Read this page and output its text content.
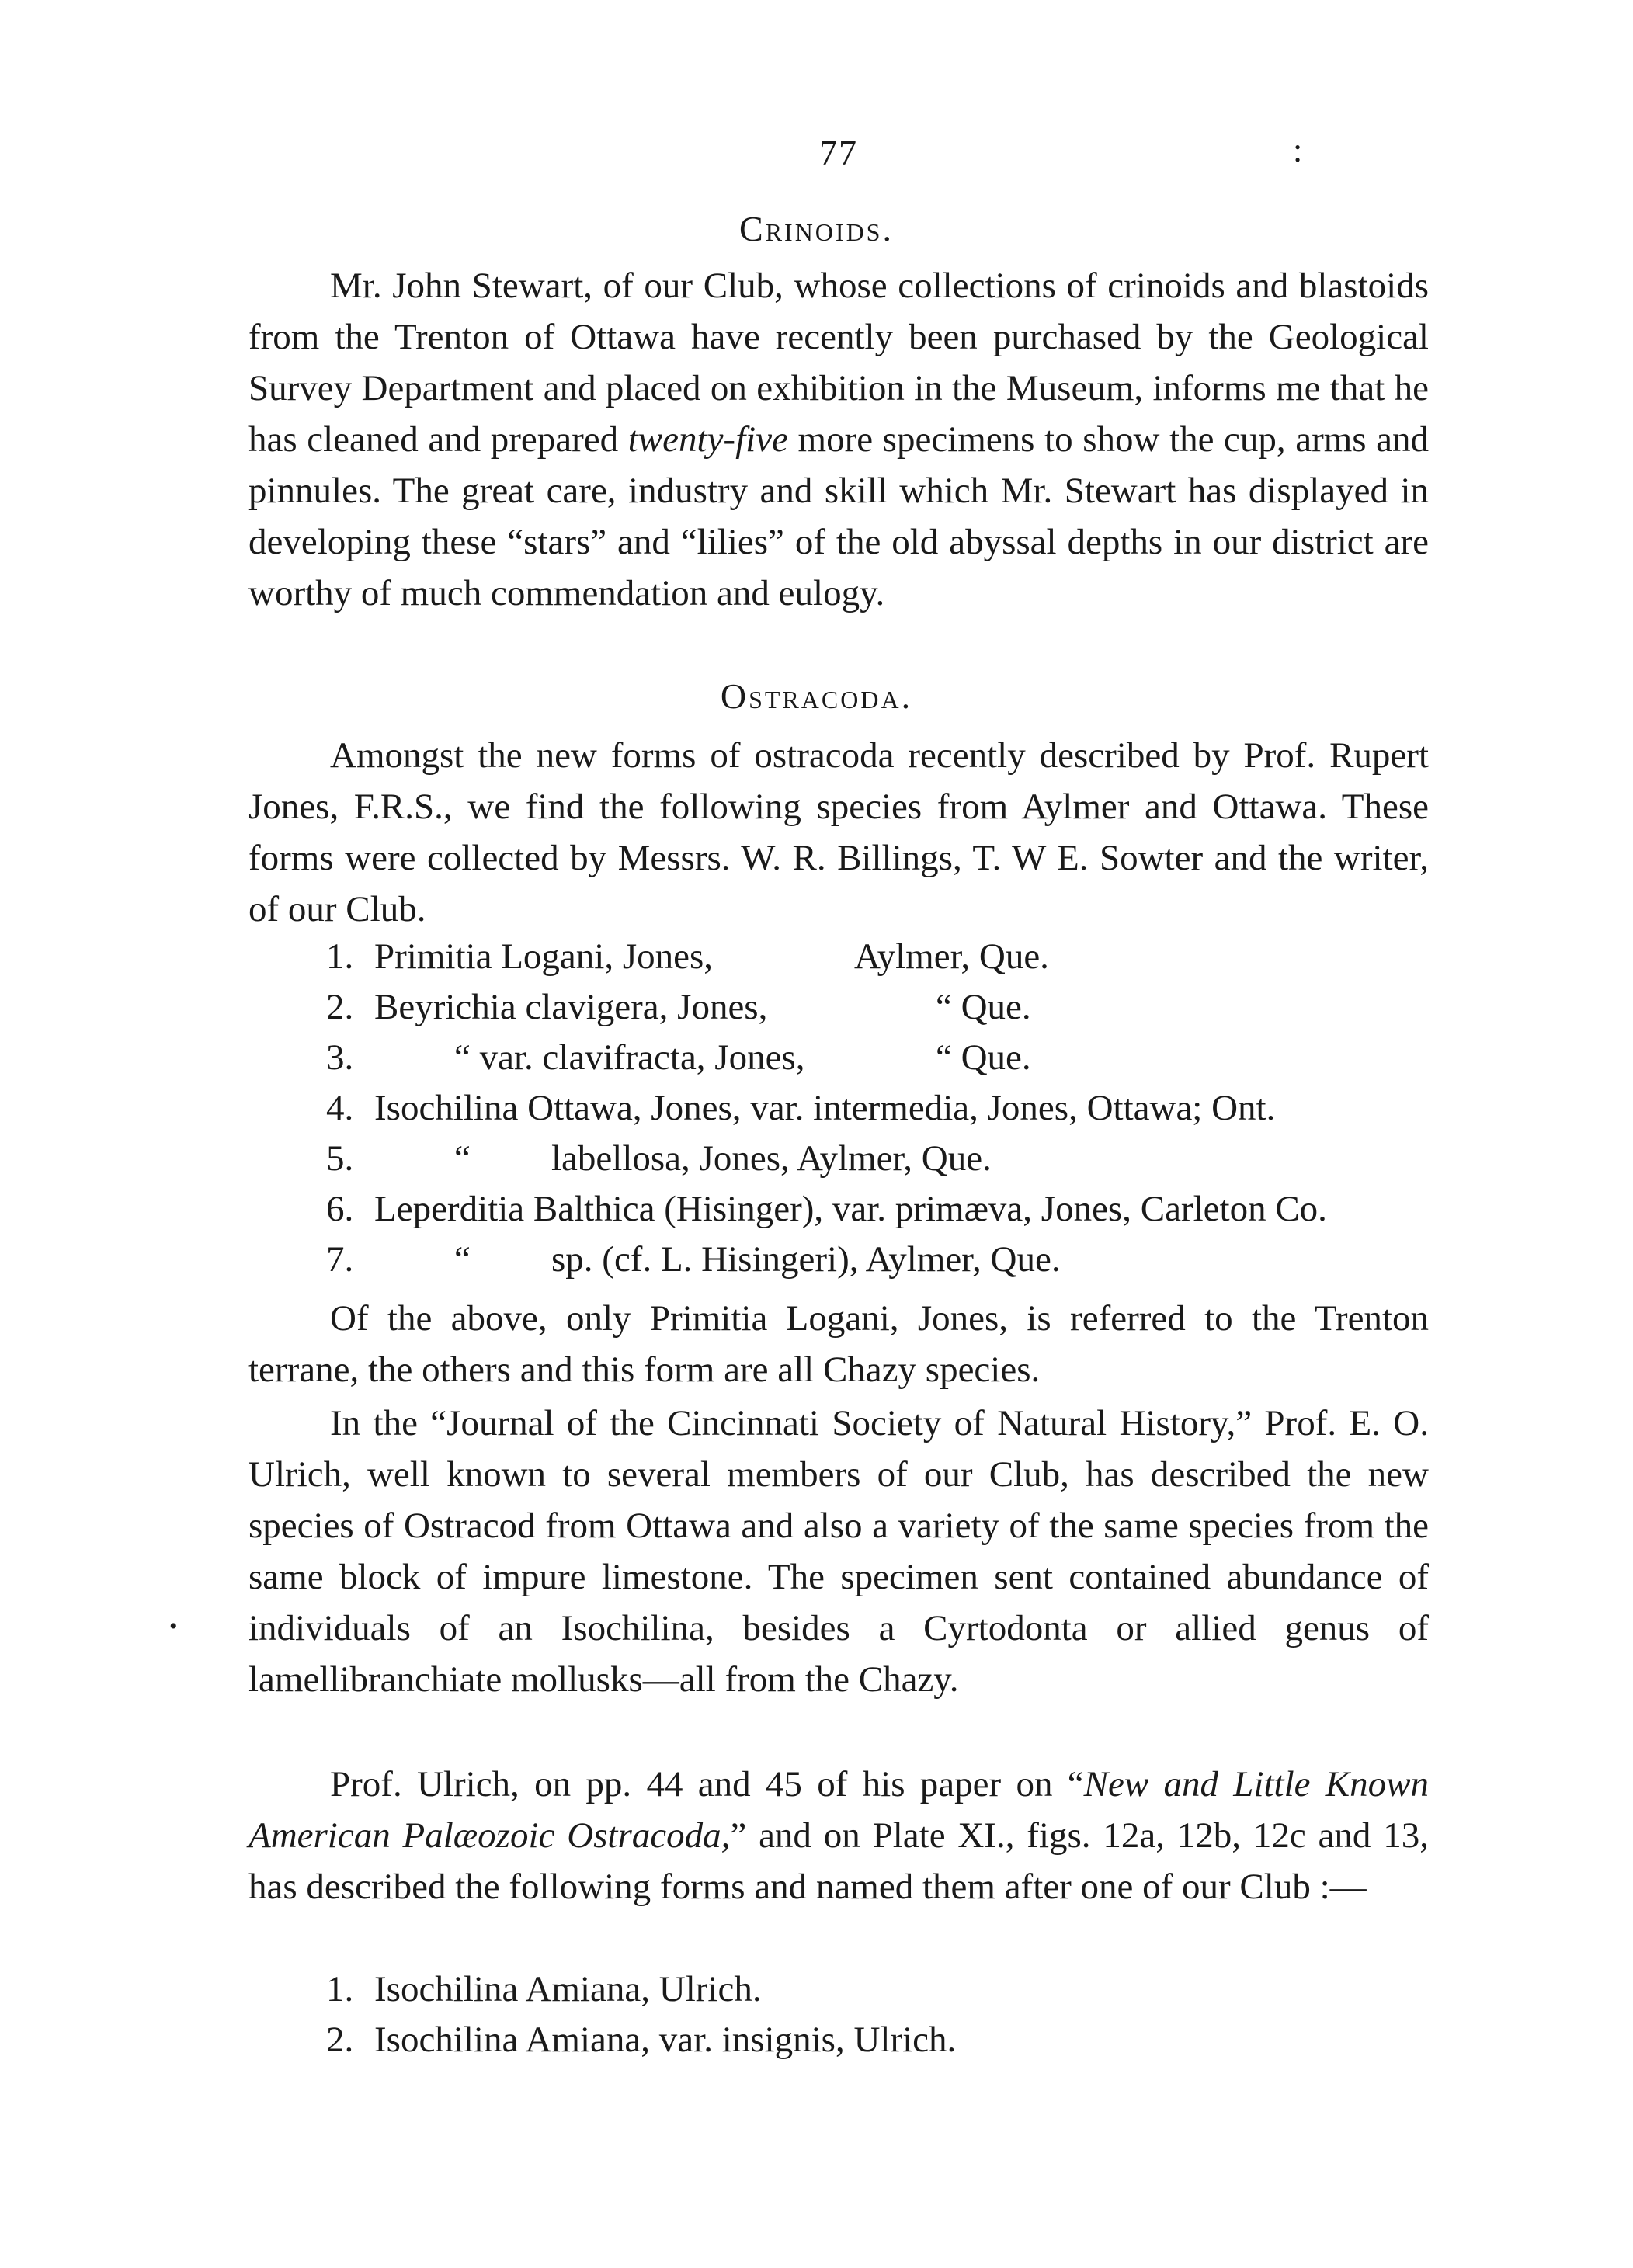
77	:
•
Crinoids.

Mr. John Stewart, of our Club, whose collections of crinoids and blastoids from the Trenton of Ottawa have recently been purchased by the Geological Survey Department and placed on exhibition in the Museum, informs me that he has cleaned and prepared twenty-five more specimens to show the cup, arms and pinnules. The great care, industry and skill which Mr. Stewart has displayed in developing these “stars” and “lilies” of the old abyssal depths in our district are worthy of much commendation and eulogy.

Ostracoda.

Amongst the new forms of ostracoda recently described by Prof. Rupert Jones, F.R.S., we find the following species from Aylmer and Ottawa. These forms were collected by Messrs. W. R. Billings, T. W E. Sowter and the writer, of our Club.

1. Primitia Logani, Jones,	Aylmer, Que.
2. Beyrichia clavigera, Jones,	“ Que.
3.	“ var. clavifracta, Jones,	“ Que.
4. Isochilina Ottawa, Jones, var. intermedia, Jones, Ottawa; Ont.
5.	“ labellosa, Jones, Aylmer, Que.
6. Leperditia Balthica (Hisinger), var. primæva, Jones, Carleton Co.
7.	“ sp. (cf. L. Hisingeri), Aylmer, Que.

Of the above, only Primitia Logani, Jones, is referred to the Trenton terrane, the others and this form are all Chazy species.

In the “Journal of the Cincinnati Society of Natural History,” Prof. E. O. Ulrich, well known to several members of our Club, has described the new species of Ostracod from Ottawa and also a variety of the same species from the same block of impure limestone. The specimen sent contained abundance of individuals of an Isochilina, besides a Cyrtodonta or allied genus of lamellibranchiate mollusks—all from the Chazy.

Prof. Ulrich, on pp. 44 and 45 of his paper on “New and Little Known American Palæozoic Ostracoda,” and on Plate XI., figs. 12a, 12b, 12c and 13, has described the following forms and named them after one of our Club :—

1. Isochilina Amiana, Ulrich.
2. Isochilina Amiana, var. insignis, Ulrich.
